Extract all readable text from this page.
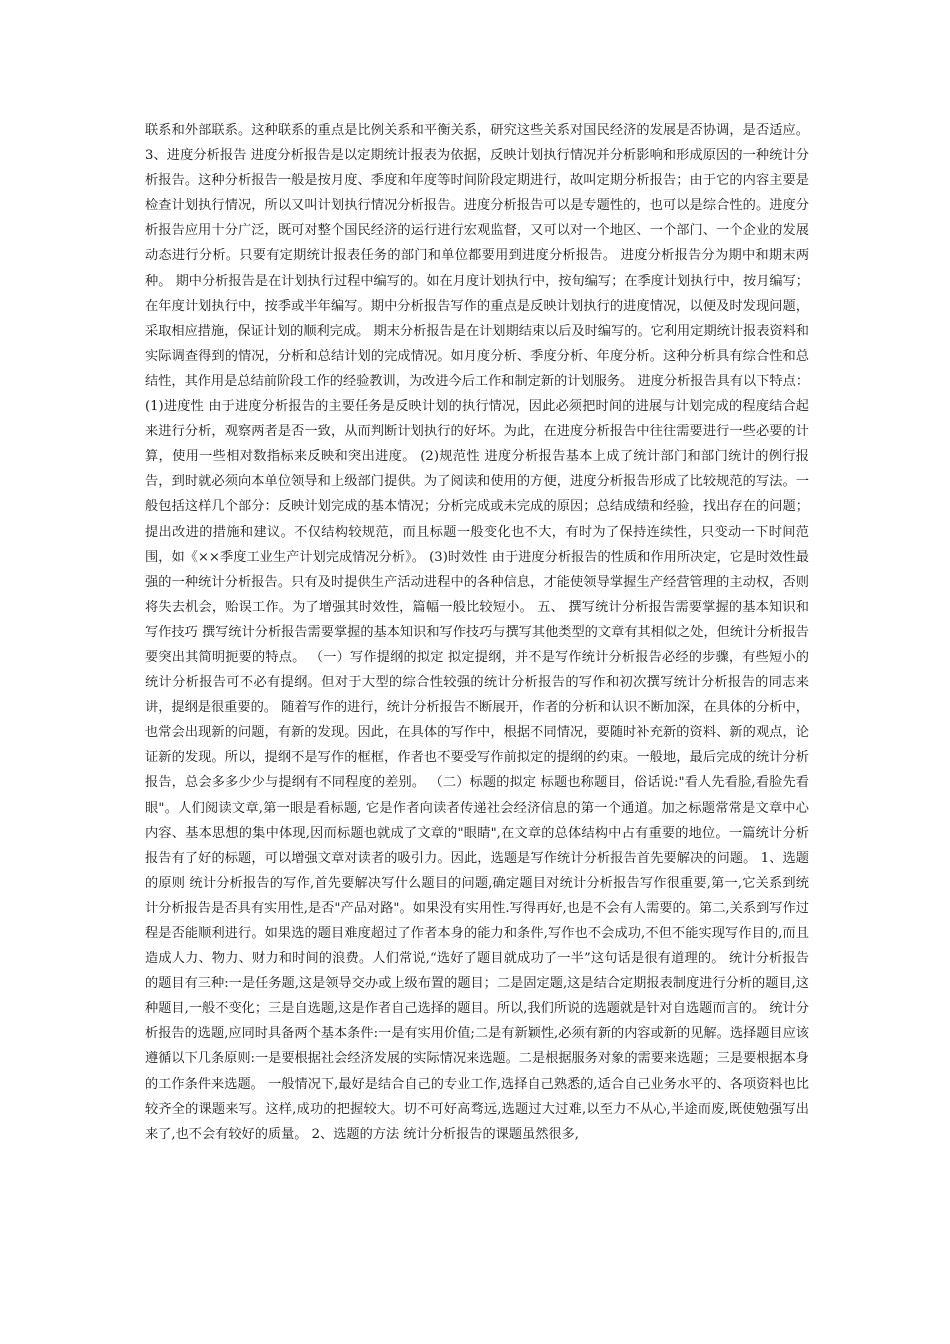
联系和外部联系。这种联系的重点是比例关系和平衡关系，研究这些关系对国民经济的发展是否协调，是否适应。 3、进度分析报告 进度分析报告是以定期统计报表为依据，反映计划执行情况并分析影响和形成原因的一种统计分析报告。这种分析报告一般是按月度、季度和年度等时间阶段定期进行，故叫定期分析报告；由于它的内容主要是检查计划执行情况，所以又叫计划执行情况分析报告。进度分析报告可以是专题性的，也可以是综合性的。进度分析报告应用十分广泛，既可对整个国民经济的运行进行宏观监督，又可以对一个地区、一个部门、一个企业的发展动态进行分析。只要有定期统计报表任务的部门和单位都要用到进度分析报告。 进度分析报告分为期中和期末两种。 期中分析报告是在计划执行过程中编写的。如在月度计划执行中，按旬编写；在季度计划执行中，按月编写；在年度计划执行中，按季或半年编写。期中分析报告写作的重点是反映计划执行的进度情况，以便及时发现问题，采取相应措施，保证计划的顺利完成。 期末分析报告是在计划期结束以后及时编写的。它利用定期统计报表资料和实际调查得到的情况，分析和总结计划的完成情况。如月度分析、季度分析、年度分析。这种分析具有综合性和总结性，其作用是总结前阶段工作的经验教训，为改进今后工作和制定新的计划服务。 进度分析报告具有以下特点： (1)进度性 由于进度分析报告的主要任务是反映计划的执行情况，因此必须把时间的进展与计划完成的程度结合起来进行分析，观察两者是否一致，从而判断计划执行的好坏。为此，在进度分析报告中往往需要进行一些必要的计算，使用一些相对数指标来反映和突出进度。 (2)规范性 进度分析报告基本上成了统计部门和部门统计的例行报告，到时就必须向本单位领导和上级部门提供。为了阅读和使用的方便，进度分析报告形成了比较规范的写法。一般包括这样几个部分：反映计划完成的基本情况；分析完成或未完成的原因；总结成绩和经验，找出存在的问题；提出改进的措施和建议。不仅结构较规范，而且标题一般变化也不大，有时为了保持连续性，只变动一下时间范围，如《××季度工业生产计划完成情况分析》。 (3)时效性 由于进度分析报告的性质和作用所决定，它是时效性最强的一种统计分析报告。只有及时提供生产活动进程中的各种信息，才能使领导掌握生产经营管理的主动权，否则将失去机会，贻误工作。为了增强其时效性，篇幅一般比较短小。 五、 撰写统计分析报告需要掌握的基本知识和写作技巧 撰写统计分析报告需要掌握的基本知识和写作技巧与撰写其他类型的文章有其相似之处，但统计分析报告要突出其简明扼要的特点。 （一）写作提纲的拟定 拟定提纲，并不是写作统计分析报告必经的步骤，有些短小的统计分析报告可不必有提纲。但对于大型的综合性较强的统计分析报告的写作和初次撰写统计分析报告的同志来讲，提纲是很重要的。 随着写作的进行，统计分析报告不断展开，作者的分析和认识不断加深，在具体的分析中，也常会出现新的问题，有新的发现。因此，在具体的写作中，根据不同情况，要随时补充新的资料、新的观点，论证新的发现。所以，提纲不是写作的框框，作者也不要受写作前拟定的提纲的约束。一般地，最后完成的统计分析报告，总会多多少少与提纲有不同程度的差别。 （二）标题的拟定 标题也称题目，俗话说:"看人先看脸,看脸先看眼"。人们阅读文章,第一眼是看标题, 它是作者向读者传递社会经济信息的第一个通道。加之标题常常是文章中心内容、基本思想的集中体现,因而标题也就成了文章的"眼睛",在文章的总体结构中占有重要的地位。一篇统计分析报告有了好的标题，可以增强文章对读者的吸引力。因此，选题是写作统计分析报告首先要解决的问题。 1、选题的原则 统计分析报告的写作,首先要解决写什么题目的问题,确定题目对统计分析报告写作很重要,第一,它关系到统计分析报告是否具有实用性,是否"产品对路"。如果没有实用性.写得再好,也是不会有人需要的。第二,关系到写作过程是否能顺利进行。如果选的题目难度超过了作者本身的能力和条件,写作也不会成功,不但不能实现写作目的,而且造成人力、物力、财力和时间的浪费。人们常说,“选好了题目就成功了一半”这句话是很有道理的。 统计分析报告的题目有三种:一是任务题,这是领导交办或上级布置的题目；二是固定题,这是结合定期报表制度进行分析的题目,这种题目,一般不变化；三是自选题,这是作者自己选择的题目。所以,我们所说的选题就是针对自选题而言的。 统计分析报告的选题,应同时具备两个基本条件:一是有实用价值;二是有新颖性,必须有新的内容或新的见解。选择题目应该遵循以下几条原则:一是要根据社会经济发展的实际情况来选题。二是根据服务对象的需要来选题；三是要根据本身的工作条件来选题。 一般情况下,最好是结合自己的专业工作,选择自己熟悉的,适合自己业务水平的、各项资料也比较齐全的课题来写。这样,成功的把握较大。切不可好高骛远,选题过大过难,以至力不从心,半途而废,既使勉强写出来了,也不会有较好的质量。 2、选题的方法 统计分析报告的课题虽然很多,
